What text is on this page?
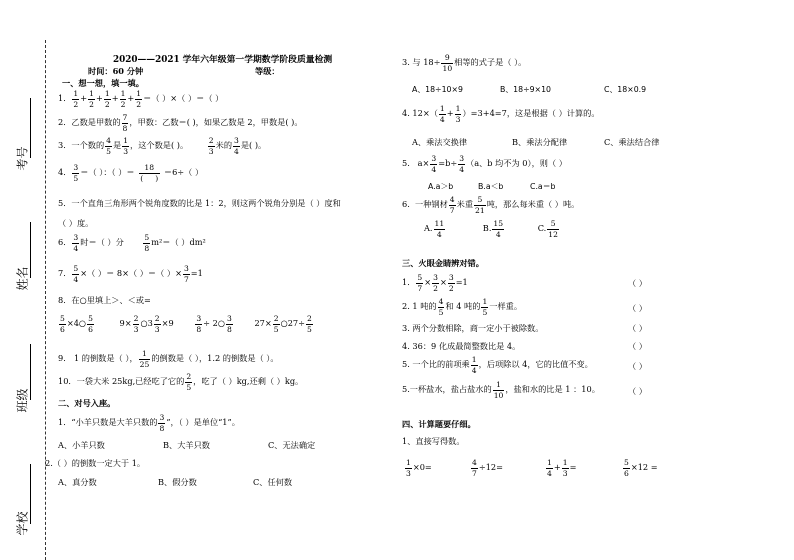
考号
姓名
班级
学校
2020——2021 学年六年级第一学期数学阶段质量检测
时间：60 分钟	等级：
一、想一想，填一填。
1． $\frac{1}{2} + \frac{1}{2} + \frac{1}{2} + \frac{1}{2} + \frac{1}{2}$ ＝（ ）×（ ）＝（ ）
2．乙数是甲数的 $\frac{7}{8}$ ，甲数：乙数＝( )，如果乙数是 2，甲数是( )。
3．一个数的 $\frac{4}{5}$ 是 $\frac{1}{3}$ ，这个数是( )。	$\frac{2}{3}$ 米的 $\frac{3}{4}$ 是( )。
4． $\frac{3}{5}$ ＝（ ）：（ ）＝ $\frac{18}{( )} =6\div$（ ）
5．一个直角三角形两个锐角度数的比是 1：2，则这两个锐角分别是（ ）度和
（ ）度。
6． $\frac{3}{4}$ 时＝（ ）分	$\frac{5}{8} m^2=$（ ）dm²
7． $\frac{5}{4}$ ×（ ）＝ 8×（ ）＝（ ）× $\frac{3}{7} =1$
8．在○里填上＞、＜或=
$\frac{5}{6}$ ×4○ $\frac{5}{6}$	$9\times \frac{2}{3}$ ○3 $\frac{2}{3} \times 9$	$\frac{3}{8}$ ÷ 2○ $\frac{3}{8}$	$27\times \frac{2}{5}$ ○27÷ $\frac{2}{5}$
9． 1 的倒数是（ ）， $\frac{1}{25}$ 的倒数是（ ），1.2 的倒数是（ ）。
10．一袋大米 25kg,已经吃了它的 $\frac{2}{5}$ ，吃了（ ）kg,还剩（ ）kg。
二、对号入座。
1．“小羊只数是大羊只数的 $\frac{3}{8}$ ”，（ ）是单位“1”。
A、小羊只数	B、大羊只数	C、无法确定
2.（ ）的倒数一定大于 1。
A、真分数	B、假分数	C、任何数
3. 与 $18\div \frac{9}{10}$ 相等的式子是（ ）。
A、18÷10×9	B、18÷9×10	C、18×0.9
4. $12\times( \frac{1}{4} + \frac{1}{3} )=3+4=7$，这是根据（ ）计算的。
A、乘法交换律	B、乘法分配律	C、乘法结合律
5. $a\times \frac{3}{4} =b\div \frac{3}{4} (a$、b 均不为 0），则（ ）
A.a＞b	B.a＜b	C.a＝b
6. 一种钢材 $\frac{4}{7}$ 米重 $\frac{5}{21}$ 吨，那么每米重（ ）吨。
A. $\frac{11}{4}$	B. $\frac{15}{4}$	C. $\frac{5}{12}$
三、火眼金睛辨对错。
1． $\frac{5}{7} \times \frac{3}{2} \times \frac{3}{2} =1$	（ ）
2. 1 吨的 $\frac{4}{5}$ 和 4 吨的 $\frac{1}{5}$ 一样重。	（ ）
3. 两个分数相除，商一定小于被除数。	（ ）
4. 36：9 化成最简整数比是 4。	（ ）
5. 一个比的前项乘 $\frac{1}{4}$ ，后项除以 4，它的比值不变。	（ ）
5.一杯盐水，盐占盐水的 $\frac{1}{10}$ ，盐和水的比是 1 ：10。	（ ）
四、计算题要仔细。
1、直接写得数。
$\frac{1}{3} \times 0=$	$\frac{4}{7} \div 12=$	$\frac{1}{4} + \frac{1}{3}$ =	$\frac{5}{6} \times 12$ =
